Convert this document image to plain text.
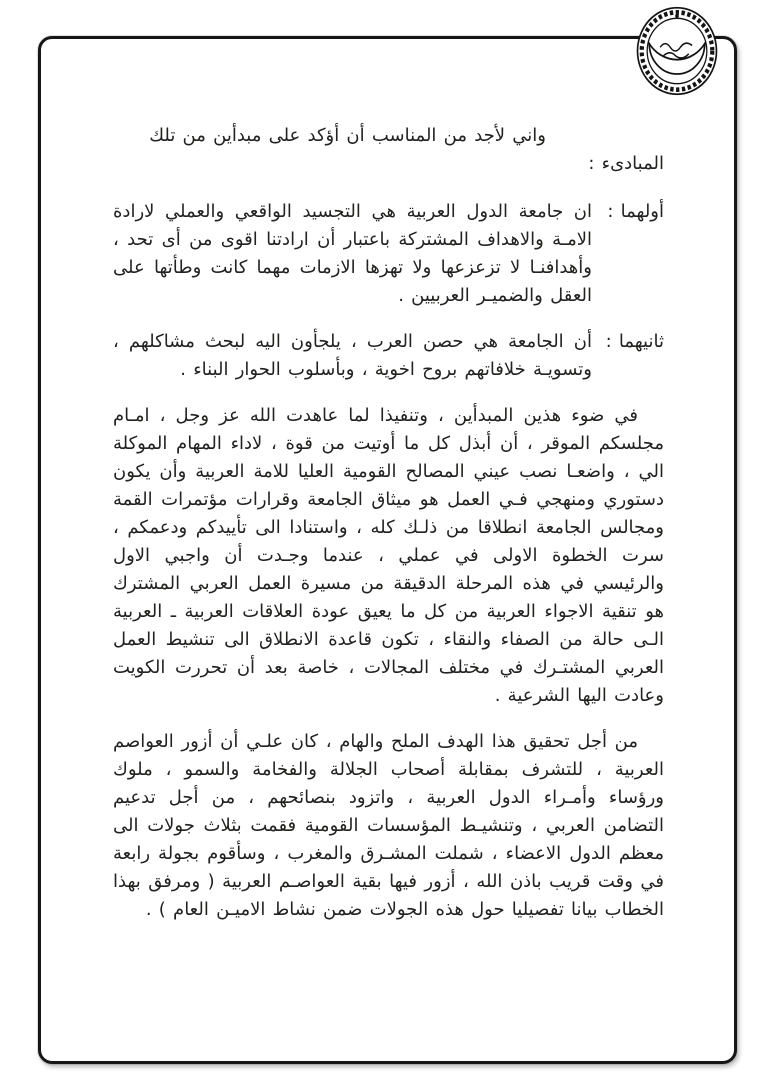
واني لأجد من المناسب أن أؤكد على مبدأين من تلك المبادىء :

أولهما :
ان جامعة الدول العربية هي التجسيد الواقعي والعملي لارادة الامـة والاهداف المشتركة باعتبار أن ارادتنا اقوى من أى تحد ، وأهدافنـا لا تزعزعها ولا تهزها الازمات مهما كانت وطأتها على العقل والضميـر العربيين .
ثانيهما :
أن الجامعة هي حصن العرب ، يلجأون اليه لبحث مشاكلهم ، وتسويـة خلافاتهم بروح اخوية ، وبأسلوب الحوار البناء .

في ضوء هذين المبدأين ، وتنفيذا لما عاهدت الله عز وجل ، امـام مجلسكم الموقر ، أن أبذل كل ما أوتيت من قوة ، لاداء المهام الموكلة الي ، واضعـا نصب عيني المصالح القومية العليا للامة العربية وأن يكون دستوري ومنهجي فـي العمل هو ميثاق الجامعة وقرارات مؤتمرات القمة ومجالس الجامعة انطلاقا من ذلـك كله ، واستنادا الى تأييدكم ودعمكم ، سرت الخطوة الاولى في عملي ، عندما وجـدت أن واجبي الاول والرئيسي في هذه المرحلة الدقيقة من مسيرة العمل العربي المشترك هو تنقية الاجواء العربية من كل ما يعيق عودة العلاقات العربية ـ العربية الـى حالة من الصفاء والنقاء ، تكون قاعدة الانطلاق الى تنشيط العمل العربي المشتـرك في مختلف المجالات ، خاصة بعد أن تحررت الكويت وعادت اليها الشرعية .

من أجل تحقيق هذا الهدف الملح والهام ، كان علـي أن أزور العواصم العربية ، للتشرف بمقابلة أصحاب الجلالة والفخامة والسمو ، ملوك ورؤساء وأمـراء الدول العربية ، واتزود بنصائحهم ، من أجل تدعيم التضامن العربي ، وتنشيـط المؤسسات القومية فقمت بثلاث جولات الى معظم الدول الاعضاء ، شملت المشـرق والمغرب ، وسأقوم بجولة رابعة في وقت قريب باذن الله ، أزور فيها بقية العواصـم العربية ( ومرفق بهذا الخطاب بيانا تفصيليا حول هذه الجولات ضمن نشاط الاميـن العام ) .
